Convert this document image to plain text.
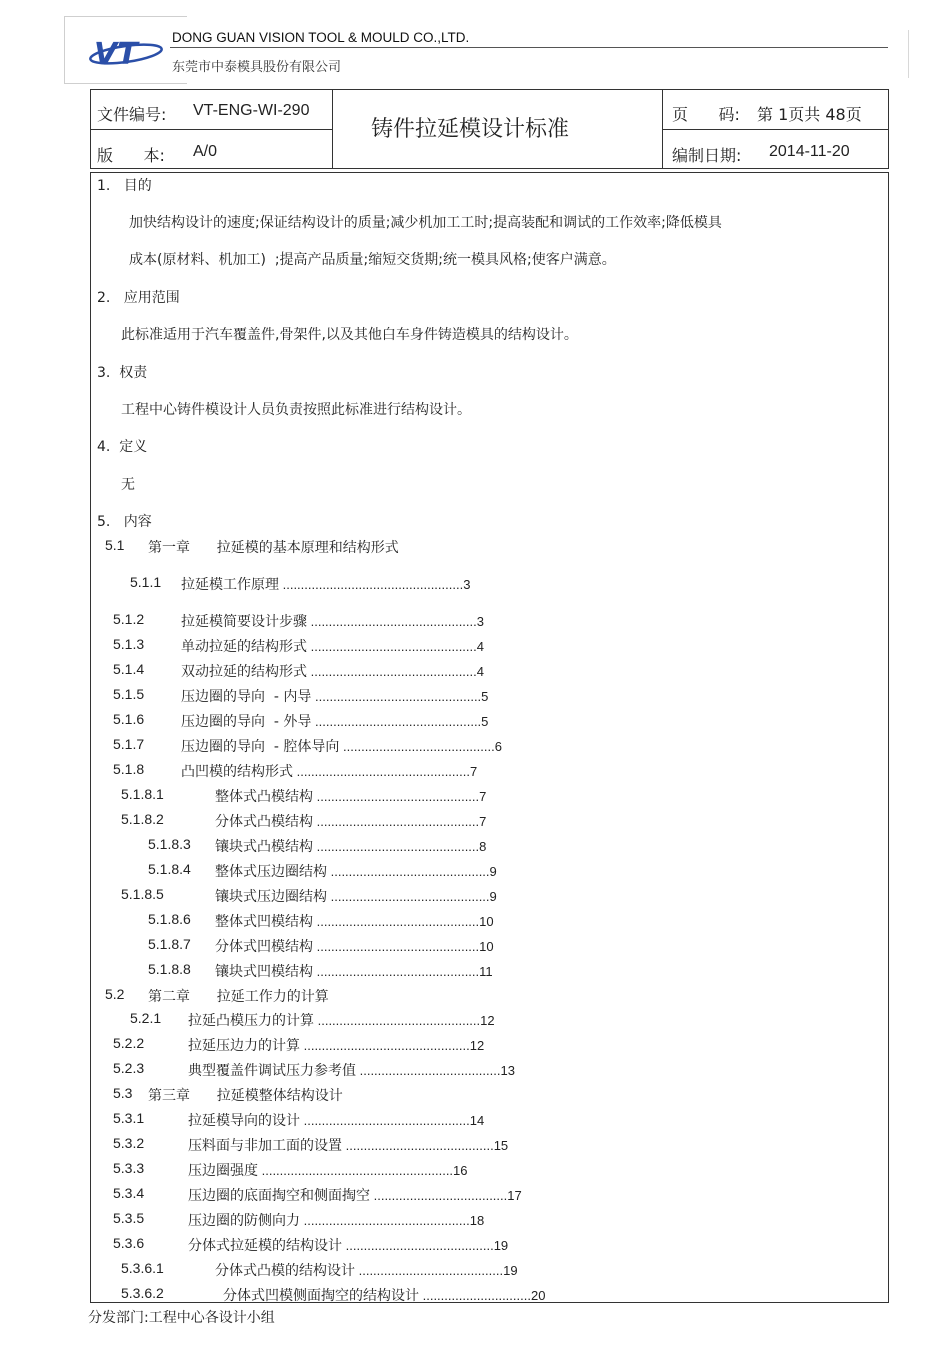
VT	DONG GUAN VISION TOOL & MOULD CO.,LTD.
东莞市中泰模具股份有限公司
文件编号: VT-ENG-WI-290
版      本: A/0
铸件拉延模设计标准
页      码: 第 1页共 48页
编制日期: 2014-11-20
1.   目的
加快结构设计的速度;保证结构设计的质量;减少机加工工时;提高装配和调试的工作效率;降低模具
成本(原材料、机加工)  ;提高产品质量;缩短交货期;统一模具风格;使客户满意。
2.   应用范围
此标准适用于汽车覆盖件,骨架件,以及其他白车身件铸造模具的结构设计。
3.  权责
工程中心铸件模设计人员负责按照此标准进行结构设计。
4.  定义
无
5.   内容
5.1 第一章      拉延模的基本原理和结构形式
5.1.1 拉延模工作原理 ..................................................3
5.1.2	拉延模简要设计步骤 ..............................................3
5.1.3	单动拉延的结构形式 ..............................................4
5.1.4	双动拉延的结构形式 ..............................................4
5.1.5	压边圈的导向  - 内导 ..............................................5
5.1.6	压边圈的导向  - 外导 ..............................................5
5.1.7	压边圈的导向  - 腔体导向 ..........................................6
5.1.8	凸凹模的结构形式 ................................................7
5.1.8.1	整体式凸模结构 .............................................7
5.1.8.2	分体式凸模结构 .............................................7
5.1.8.3 镶块式凸模结构 .............................................8
5.1.8.4 整体式压边圈结构 ............................................9
5.1.8.5	镶块式压边圈结构 ............................................9
5.1.8.6 整体式凹模结构 .............................................10
5.1.8.7 分体式凹模结构 .............................................10
5.1.8.8 镶块式凹模结构 .............................................11
5.2 第二章      拉延工作力的计算
5.2.1 拉延凸模压力的计算 .............................................12
5.2.2	拉延压边力的计算 ..............................................12
5.2.3	典型覆盖件调试压力参考值 .......................................13
5.3 第三章      拉延模整体结构设计
5.3.1	拉延模导向的设计 ..............................................14
5.3.2	压料面与非加工面的设置 .........................................15
5.3.3	压边圈强度 .....................................................16
5.3.4	压边圈的底面掏空和侧面掏空 .....................................17
5.3.5	压边圈的防侧向力 ..............................................18
5.3.6	分体式拉延模的结构设计 .........................................19
5.3.6.1	分体式凸模的结构设计 ........................................19
5.3.6.2	分体式凹模侧面掏空的结构设计 ..............................20
分发部门:工程中心各设计小组
